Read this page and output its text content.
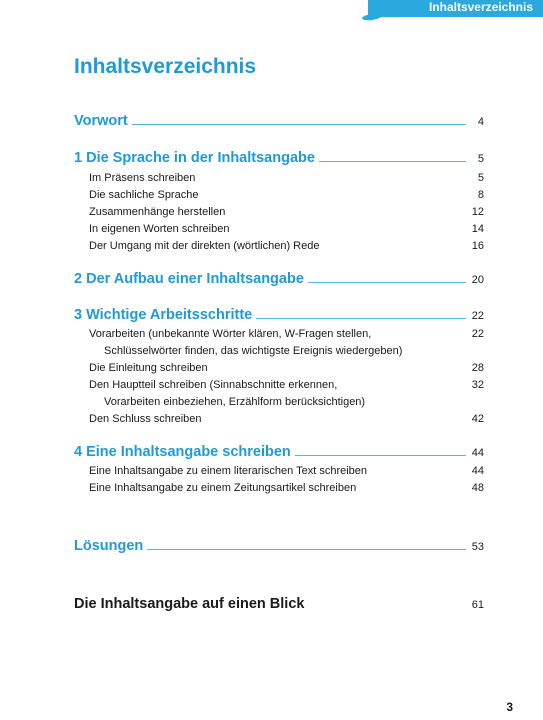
Inhaltsverzeichnis
Inhaltsverzeichnis
Vorwort	4
1 Die Sprache in der Inhaltsangabe	5
Im Präsens schreiben	5
Die sachliche Sprache	8
Zusammenhänge herstellen	12
In eigenen Worten schreiben	14
Der Umgang mit der direkten (wörtlichen) Rede	16
2 Der Aufbau einer Inhaltsangabe	20
3 Wichtige Arbeitsschritte	22
Vorarbeiten (unbekannte Wörter klären, W-Fragen stellen,	22
Schlüsselwörter finden, das wichtigste Ereignis wiedergeben)
Die Einleitung schreiben	28
Den Hauptteil schreiben (Sinnabschnitte erkennen,	32
Vorarbeiten einbeziehen, Erzählform berücksichtigen)
Den Schluss schreiben	42
4 Eine Inhaltsangabe schreiben	44
Eine Inhaltsangabe zu einem literarischen Text schreiben	44
Eine Inhaltsangabe zu einem Zeitungsartikel schreiben	48
Lösungen	53
Die Inhaltsangabe auf einen Blick	61
3
